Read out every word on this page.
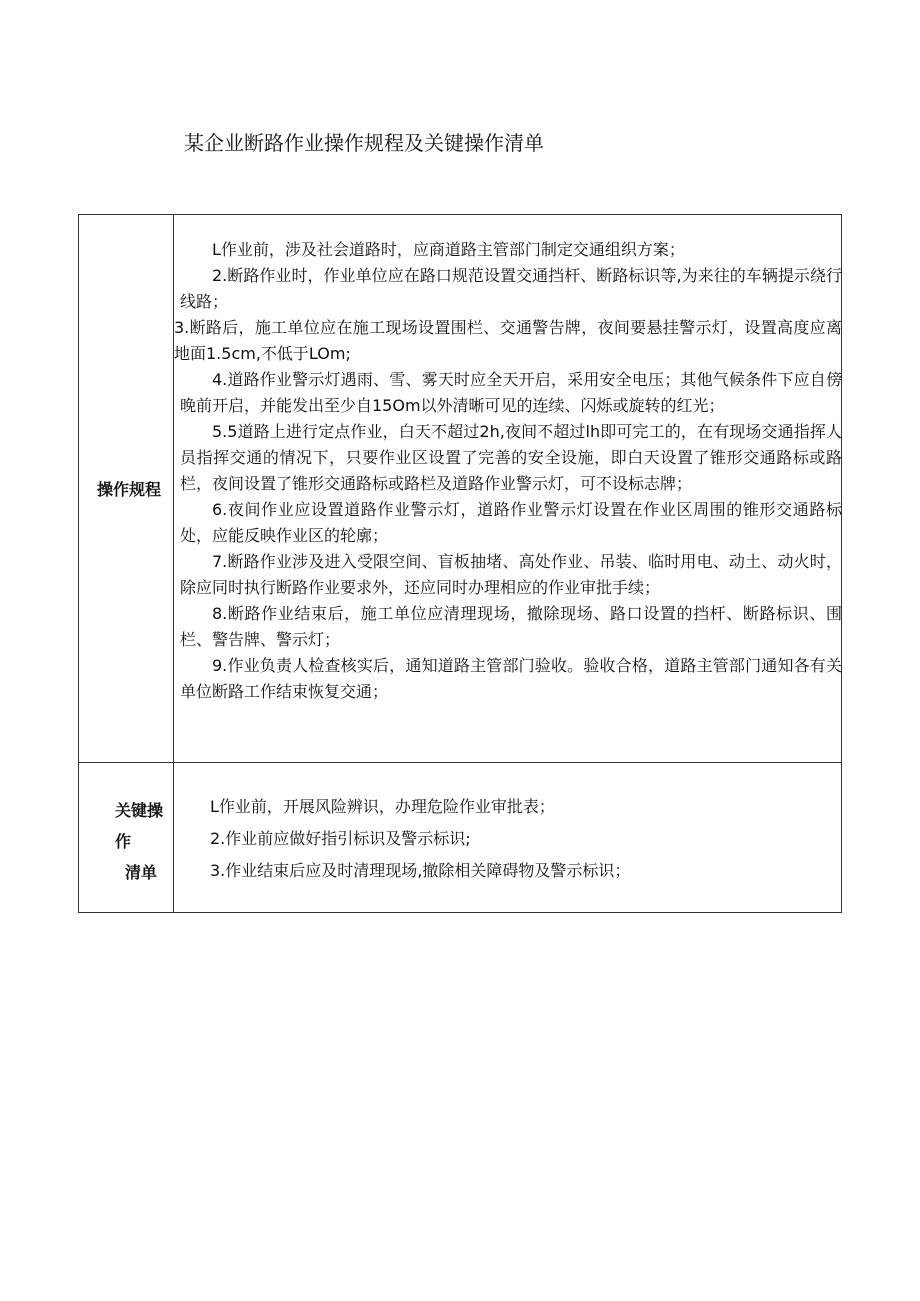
某企业断路作业操作规程及关键操作清单
操作规程

L作业前，涉及社会道路时，应商道路主管部门制定交通组织方案；

2.断路作业时，作业单位应在路口规范设置交通挡杆、断路标识等,为来往的车辆提示绕行线路；

3.断路后，施工单位应在施工现场设置围栏、交通警告牌，夜间要悬挂警示灯，设置高度应离地面1.5cm,不低于LOm;

4.道路作业警示灯遇雨、雪、雾天时应全天开启，采用安全电压；其他气候条件下应自傍晚前开启，并能发出至少自15Om以外清晰可见的连续、闪烁或旋转的红光；

5.5道路上进行定点作业，白天不超过2h,夜间不超过lh即可完工的，在有现场交通指挥人员指挥交通的情况下，只要作业区设置了完善的安全设施，即白天设置了锥形交通路标或路栏，夜间设置了锥形交通路标或路栏及道路作业警示灯，可不设标志牌；

6.夜间作业应设置道路作业警示灯，道路作业警示灯设置在作业区周围的锥形交通路标处，应能反映作业区的轮廓；

7.断路作业涉及进入受限空间、盲板抽堵、高处作业、吊装、临时用电、动土、动火时，除应同时执行断路作业要求外，还应同时办理相应的作业审批手续；

8.断路作业结束后，施工单位应清理现场，撤除现场、路口设置的挡杆、断路标识、围栏、警告牌、警示灯；

9.作业负责人检查核实后，通知道路主管部门验收。验收合格，道路主管部门通知各有关单位断路工作结束恢复交通；

关键操
作
清单

L作业前，开展风险辨识，办理危险作业审批表；

2.作业前应做好指引标识及警示标识;

3.作业结束后应及时清理现场,撤除相关障碍物及警示标识；
